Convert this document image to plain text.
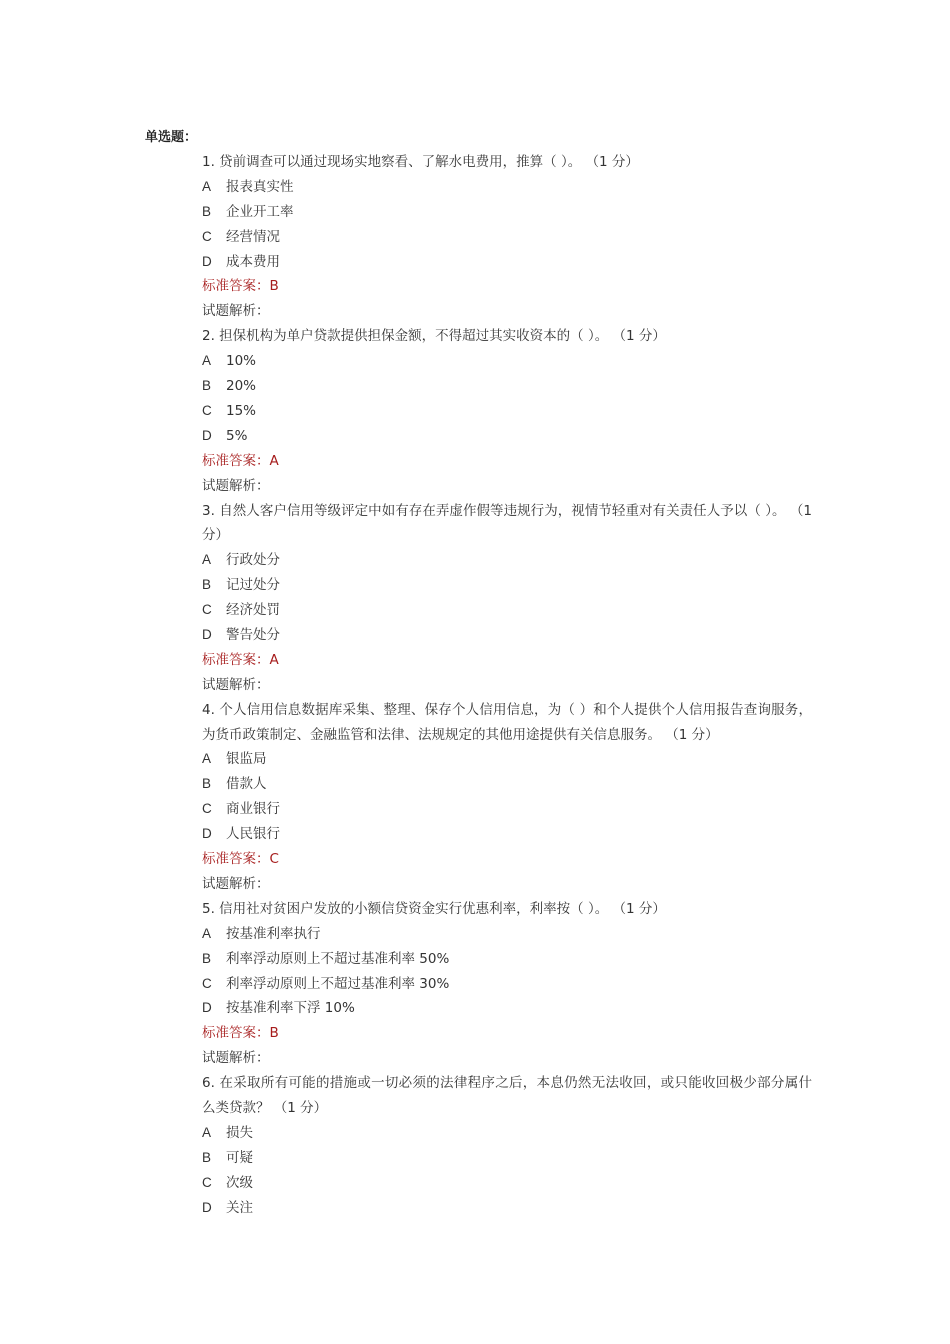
单选题：
1. 贷前调查可以通过现场实地察看、了解水电费用，推算（ ）。 （1 分）
A 报表真实性
B 企业开工率
C 经营情况
D 成本费用
标准答案：B
试题解析：
2. 担保机构为单户贷款提供担保金额，不得超过其实收资本的（ ）。 （1 分）
A 10%
B 20%
C 15%
D 5%
标准答案：A
试题解析：
3. 自然人客户信用等级评定中如有存在弄虚作假等违规行为，视情节轻重对有关责任人予以（ ）。 （1 分）
A 行政处分
B 记过处分
C 经济处罚
D 警告处分
标准答案：A
试题解析：
4. 个人信用信息数据库采集、整理、保存个人信用信息，为（ ）和个人提供个人信用报告查询服务，为货币政策制定、金融监管和法律、法规规定的其他用途提供有关信息服务。 （1 分）
A 银监局
B 借款人
C 商业银行
D 人民银行
标准答案：C
试题解析：
5. 信用社对贫困户发放的小额信贷资金实行优惠利率，利率按（ ）。 （1 分）
A 按基准利率执行
B 利率浮动原则上不超过基准利率 50%
C 利率浮动原则上不超过基准利率 30%
D 按基准利率下浮 10%
标准答案：B
试题解析：
6. 在采取所有可能的措施或一切必须的法律程序之后，本息仍然无法收回，或只能收回极少部分属什么类贷款？ （1 分）
A 损失
B 可疑
C 次级
D 关注
